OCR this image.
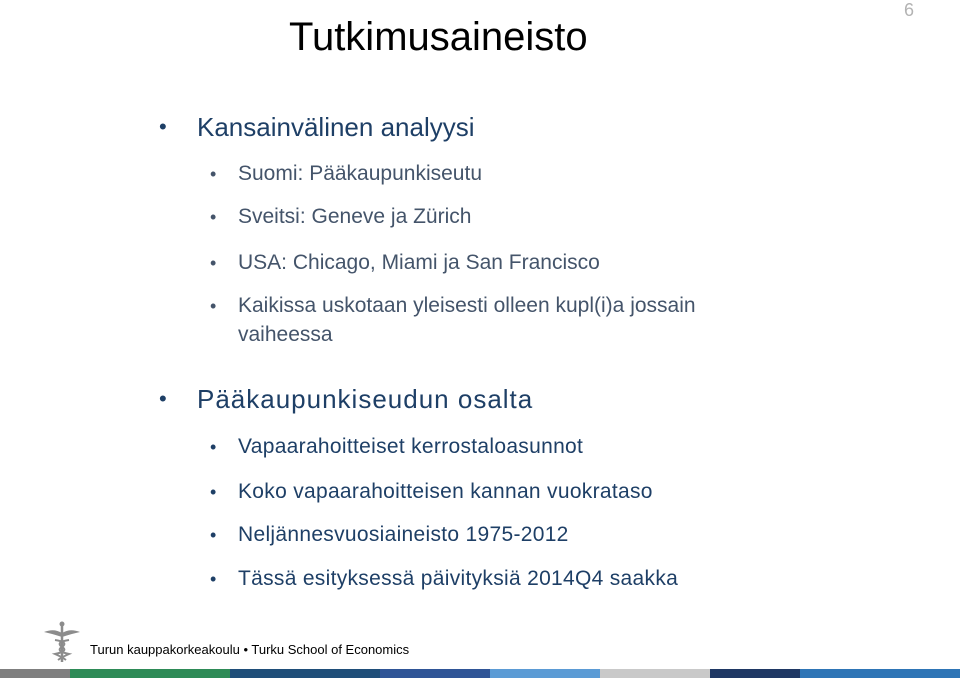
6
Tutkimusaineisto
• Kansainvälinen analyysi
• Suomi: Pääkaupunkiseutu
• Sveitsi: Geneve ja Zürich
• USA: Chicago, Miami ja San Francisco
• Kaikissa uskotaan yleisesti olleen kupl(i)a jossain
vaiheessa
• Pääkaupunkiseudun osalta
• Vapaarahoitteiset kerrostaloasunnot
• Koko vapaarahoitteisen kannan vuokrataso
• Neljännesvuosiaineisto 1975-2012
• Tässä esityksessä päivityksiä 2014Q4 saakka
Turun kauppakorkeakoulu • Turku School of Economics
